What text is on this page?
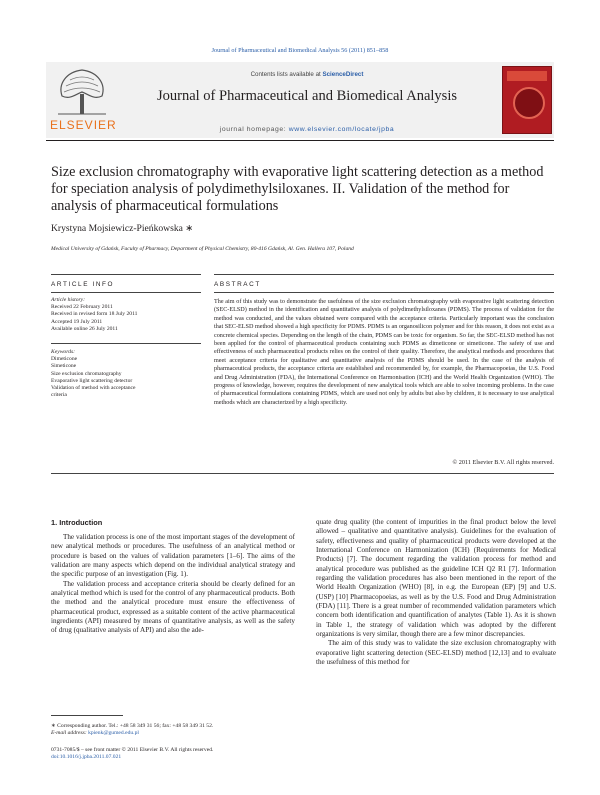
Journal of Pharmaceutical and Biomedical Analysis 56 (2011) 851–858
ELSEVIER
Contents lists available at ScienceDirect
Journal of Pharmaceutical and Biomedical Analysis
journal homepage: www.elsevier.com/locate/jpba
Size exclusion chromatography with evaporative light scattering detection as a method for speciation analysis of polydimethylsiloxanes. II. Validation of the method for analysis of pharmaceutical formulations
Krystyna Mojsiewicz-Pieńkowska ∗
Medical University of Gdańsk, Faculty of Pharmacy, Department of Physical Chemistry, 80-416 Gdańsk, Al. Gen. Hallera 107, Poland
ARTICLE INFO	ABSTRACT
Article history:
Received 22 February 2011
Received in revised form 18 July 2011
Accepted 19 July 2011
Available online 26 July 2011
Keywords:
Dimeticone
Simeticone
Size exclusion chromatography
Evaporative light scattering detector
Validation of method with acceptance
criteria
The aim of this study was to demonstrate the usefulness of the size exclusion chromatography with evaporative light scattering detection (SEC-ELSD) method in the identification and quantitative analysis of polydimethylsiloxanes (PDMS). The process of validation for the method was conducted, and the values obtained were compared with the acceptance criteria. Particularly important was the conclusion that SEC-ELSD method showed a high specificity for PDMS. PDMS is an organosilicon polymer and for this reason, it does not exist as a concrete chemical species. Depending on the length of the chain, PDMS can be toxic for organism. So far, the SEC-ELSD method has not been applied for the control of pharmaceutical products containing such PDMS as dimeticone or simeticone. The safety of use and effectiveness of such pharmaceutical products relies on the control of their quality. Therefore, the analytical methods and procedures that meet acceptance criteria for qualitative and quantitative analysis of the PDMS should be used. In the case of the analysis of pharmaceutical products, the acceptance criteria are established and recommended by, for example, the Pharmacopoeias, the U.S. Food and Drug Administration (FDA), the International Conference on Harmonisation (ICH) and the World Health Organization (WHO). The progress of knowledge, however, requires the development of new analytical tools which are able to solve incoming problems. In the case of pharmaceutical formulations containing PDMS, which are used not only by adults but also by children, it is necessary to use analytical methods which are characterized by a high specificity.
© 2011 Elsevier B.V. All rights reserved.
1. Introduction

The validation process is one of the most important stages of the development of new analytical methods or procedures. The usefulness of an analytical method or procedure is based on the values of validation parameters [1–6]. The aims of the validation are many aspects which depend on the individual analytical strategy and the specific purpose of an investigation (Fig. 1).

The validation process and acceptance criteria should be clearly defined for an analytical method which is used for the control of any pharmaceutical products. Both the method and the analytical procedure must ensure the effectiveness of pharmaceutical product, expressed as a suitable content of the active pharmaceutical ingredients (API) measured by means of quantitative analysis, as well as the safety of drug (qualitative analysis of API) and also the ade-

quate drug quality (the content of impurities in the final product below the level allowed – qualitative and quantitative analysis). Guidelines for the evaluation of safety, effectiveness and quality of pharmaceutical products were developed at the International Conference on Harmonization (ICH) (Requirements for Medical Products) [7]. The document regarding the validation process for method and analytical procedure was published as the guideline ICH Q2 R1 [7]. Information regarding the validation procedures has also been mentioned in the report of the World Health Organization (WHO) [8], in e.g. the European (EP) [9] and U.S. (USP) [10] Pharmacopoeias, as well as by the U.S. Food and Drug Administration (FDA) [11]. There is a great number of recommended validation parameters which concern both identification and quantification of analytes (Table 1). As it is shown in Table 1, the strategy of validation which was adopted by the different organizations is very similar, though there are a few minor discrepancies.

The aim of this study was to validate the size exclusion chromatography with evaporative light scattering detection (SEC-ELSD) method [12,13] and to evaluate the usefulness of this method for

∗ Corresponding author. Tel.: +48 58 349 31 56; fax: +48 58 349 31 52.
E-mail address: kpienk@gumed.edu.pl
0731-7085/$ – see front matter © 2011 Elsevier B.V. All rights reserved.
doi:10.1016/j.jpba.2011.07.021
